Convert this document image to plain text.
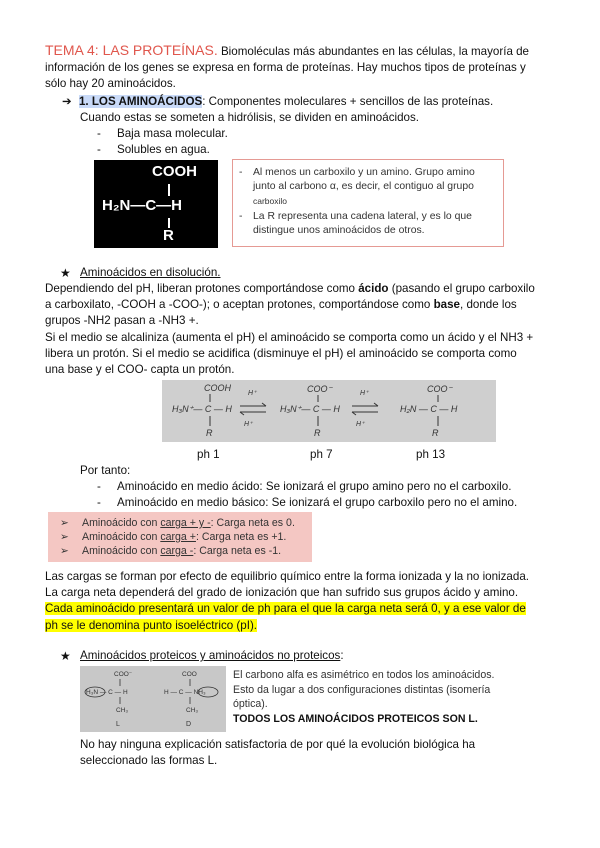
TEMA 4: LAS PROTEÍNAS. Biomoléculas más abundantes en las células, la mayoría de
información de los genes se expresa en forma de proteínas. Hay muchos tipos de proteínas y
sólo hay 20 aminoácidos.
➔ 1. LOS AMINOÁCIDOS: Componentes moleculares + sencillos de las proteínas.
Cuando estas se someten a hidrólisis, se dividen en aminoácidos.
- Baja masa molecular.
- Solubles en agua.
COOH
H₂N—C—H
R
- Al menos un carboxilo y un amino. Grupo amino
junto al carbono α, es decir, el contiguo al grupo
carboxilo
- La R representa una cadena lateral, y es lo que
distingue unos aminoácidos de otros.
★ Aminoácidos en disolución.
Dependiendo del pH, liberan protones comportándose como ácido (pasando el grupo carboxilo
a carboxilato, -COOH a -COO-); o aceptan protones, comportándose como base, donde los
grupos -NH2 pasan a -NH3 +.
Si el medio se alcaliniza (aumenta el pH) el aminoácido se comporta como un ácido y el NH3 +
libera un protón. Si el medio se acidifica (disminuye el pH) el aminoácido se comporta como
una base y el COO- capta un protón.
COOH
H₃N⁺— C — H
R
COO⁻
H₃N⁺— C — H
R
COO⁻
H₂N — C — H
R
H⁺
H⁺
H⁺
H⁺
ph 1	ph 7	ph 13
Por tanto:
- Aminoácido en medio ácido: Se ionizará el grupo amino pero no el carboxilo.
- Aminoácido en medio básico: Se ionizará el grupo carboxilo pero no el amino.
➢ Aminoácido con carga + y -: Carga neta es 0.
➢ Aminoácido con carga +: Carga neta es +1.
➢ Aminoácido con carga -: Carga neta es -1.
Las cargas se forman por efecto de equilibrio químico entre la forma ionizada y la no ionizada.
La carga neta dependerá del grado de ionización que han sufrido sus grupos ácido y amino.
Cada aminoácido presentará un valor de ph para el que la carga neta será 0, y a ese valor de
ph se le denomina punto isoeléctrico (pI).
★ Aminoácidos proteicos y aminoácidos no proteicos:
COO⁻
H₃N — C — H
CH₃
COO
H — C — NH₃
CH₃
L	D
El carbono alfa es asimétrico en todos los aminoácidos.
Esto da lugar a dos configuraciones distintas (isomería
óptica).
TODOS LOS AMINOÁCIDOS PROTEICOS SON L.
No hay ninguna explicación satisfactoria de por qué la evolución biológica ha
seleccionado las formas L.
